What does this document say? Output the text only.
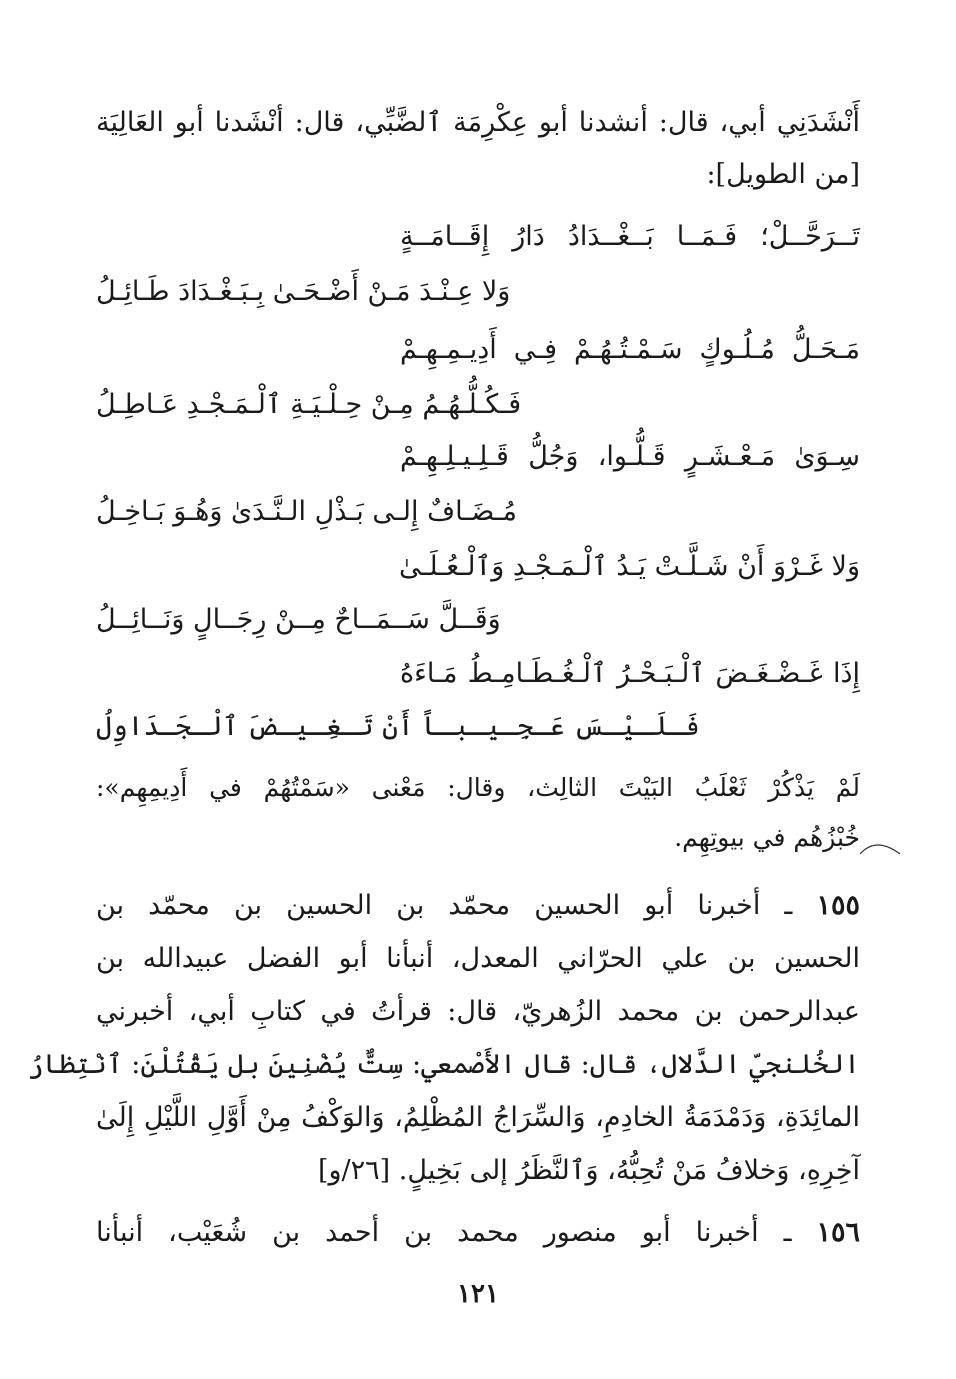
أَنْشَدَنِي أبي، قال: أنشدنا أبو عِكْرِمَة ٱلضَّبِّي، قال: أنْشَدنا أبو العَالِيَة
[من الطويل]:
تَــرَحَّــلْ؛ فَـمَــا بَــغْــدَادُ دَارُ إِقَــامَــةٍ
وَلا عِـنْـدَ مَـنْ أَضْـحَـىٰ بِـبَـغْـدَادَ طَـائِـلُ
مَـحَـلُّ مُـلُـوكٍ سَـمْـتُـهُـمْ فِـي أَدِيـمِـهِـمْ
فَـكُـلُّـهُـمُ مِـنْ حِـلْـيَـةِ ٱلْـمَـجْـدِ عَـاطِـلُ
سِـوَىٰ مَـعْـشَـرٍ قَـلُّـوا، وَجُلُّ قَـلِـيـلِـهِـمْ
مُـضَـافٌ إِلـى بَـذْلِ الـنَّـدَىٰ وَهُـوَ بَـاخِـلُ
وَلا غَـرْوَ أَنْ شَـلَّـتْ يَـدُ ٱلْـمَـجْـدِ وَٱلْـعُـلَـىٰ
وَقَــلَّ سَــمَــاحٌ مِــنْ رِجَــالٍ وَنَــائِــلُ
إِذَا غَـضْـغَـضَ ٱلْـبَـحْـرُ ٱلْـغُـطَـامِـطُ مَـاءَهُ
فَـلَـيْـسَ عَـجِـيـبـاً أَنْ تَـغِـيـضَ ٱلْـجَـدَاوِلُ
لَمْ يَذْكُرْ ثَعْلَبُ البَيْتَ الثالِث، وقال: مَعْنى «سَمْتُهُمْ في أَدِيمِهِم»:
خُبْزُهُم في بيوتِهِم.
١٥٥ ـ أخبرنا أبو الحسين محمّد بن الحسين بن محمّد بن
الحسين بن علي الحرّاني المعدل، أنبأنا أبو الفضل عبيدالله بن
عبدالرحمن بن محمد الزُهريّ، قال: قرأتُ في كتابِ أبي، أخبرني
الخُلنجيّ الدَّلال، قال: قال الأَصْمعي: سِتٌّ يُضْنِينَ بل يَقْتُلْنَ: ٱنْتِظارُ
المائِدَةِ، وَدَمْدَمَةُ الخادِمِ، وَالسِّرَاجُ المُظْلِمُ، وَالوَكْفُ مِنْ أَوَّلِ اللَّيْلِ إِلَىٰ
آخِرِهِ، وَخلافُ مَنْ تُحِبُّهُ، وَٱلنَّظَرُ إلى بَخِيلٍ. [٢٦/و]
١٥٦ ـ أخبرنا أبو منصور محمد بن أحمد بن شُعَيْب، أنبأنا
١٢١
